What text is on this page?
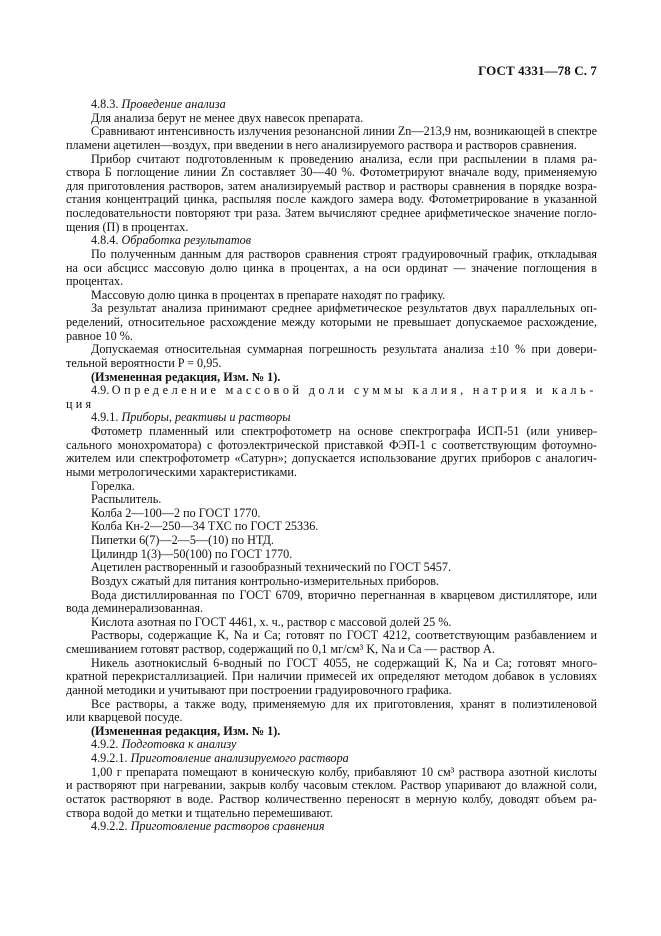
ГОСТ 4331—78 С. 7
4.8.3. Проведение анализа
Для анализа берут не менее двух навесок препарата.
Сравнивают интенсивность излучения резонансной линии Zn—213,9 нм, возникающей в спектре
пламени ацетилен—воздух, при введении в него анализируемого раствора и растворов сравнения.
Прибор считают подготовленным к проведению анализа, если при распылении в пламя ра-
створа Б поглощение линии Zn составляет 30—40 %. Фотометрируют вначале воду, применяемую
для приготовления растворов, затем анализируемый раствор и растворы сравнения в порядке возра-
стания концентраций цинка, распыляя после каждого замера воду. Фотометрирование в указанной
последовательности повторяют три раза. Затем вычисляют среднее арифметическое значение погло-
щения (П) в процентах.
4.8.4. Обработка результатов
По полученным данным для растворов сравнения строят градуировочный график, откладывая
на оси абсцисс массовую долю цинка в процентах, а на оси ординат — значение поглощения в
процентах.
Массовую долю цинка в процентах в препарате находят по графику.
За результат анализа принимают среднее арифметическое результатов двух параллельных оп-
ределений, относительное расхождение между которыми не превышает допускаемое расхождение,
равное 10 %.
Допускаемая относительная суммарная погрешность результата анализа ±10 % при довери-
тельной вероятности P = 0,95.
(Измененная редакция, Изм. № 1).
4.9. Определение массовой доли суммы калия, натрия и каль-
ция
4.9.1. Приборы, реактивы и растворы
Фотометр пламенный или спектрофотометр на основе спектрографа ИСП-51 (или универ-
сального монохроматора) с фотоэлектрической приставкой ФЭП-1 с соответствующим фотоумно-
жителем или спектрофотометр «Сатурн»; допускается использование других приборов с аналогич-
ными метрологическими характеристиками.
Горелка.
Распылитель.
Колба 2—100—2 по ГОСТ 1770.
Колба Кн-2—250—34 ТХС по ГОСТ 25336.
Пипетки 6(7)—2—5—(10) по НТД.
Цилиндр 1(3)—50(100) по ГОСТ 1770.
Ацетилен растворенный и газообразный технический по ГОСТ 5457.
Воздух сжатый для питания контрольно-измерительных приборов.
Вода дистиллированная по ГОСТ 6709, вторично перегнанная в кварцевом дистилляторе, или
вода деминерализованная.
Кислота азотная по ГОСТ 4461, х. ч., раствор с массовой долей 25 %.
Растворы, содержащие K, Na и Ca; готовят по ГОСТ 4212, соответствующим разбавлением и
смешиванием готовят раствор, содержащий по 0,1 мг/см³ K, Na и Ca — раствор А.
Никель азотнокислый 6-водный по ГОСТ 4055, не содержащий K, Na и Ca; готовят много-
кратной перекристаллизацией. При наличии примесей их определяют методом добавок в условиях
данной методики и учитывают при построении градуировочного графика.
Все растворы, а также воду, применяемую для их приготовления, хранят в полиэтиленовой
или кварцевой посуде.
(Измененная редакция, Изм. № 1).
4.9.2. Подготовка к анализу
4.9.2.1. Приготовление анализируемого раствора
1,00 г препарата помещают в коническую колбу, прибавляют 10 см³ раствора азотной кислоты
и растворяют при нагревании, закрыв колбу часовым стеклом. Раствор упаривают до влажной соли,
остаток растворяют в воде. Раствор количественно переносят в мерную колбу, доводят объем ра-
створа водой до метки и тщательно перемешивают.
4.9.2.2. Приготовление растворов сравнения
